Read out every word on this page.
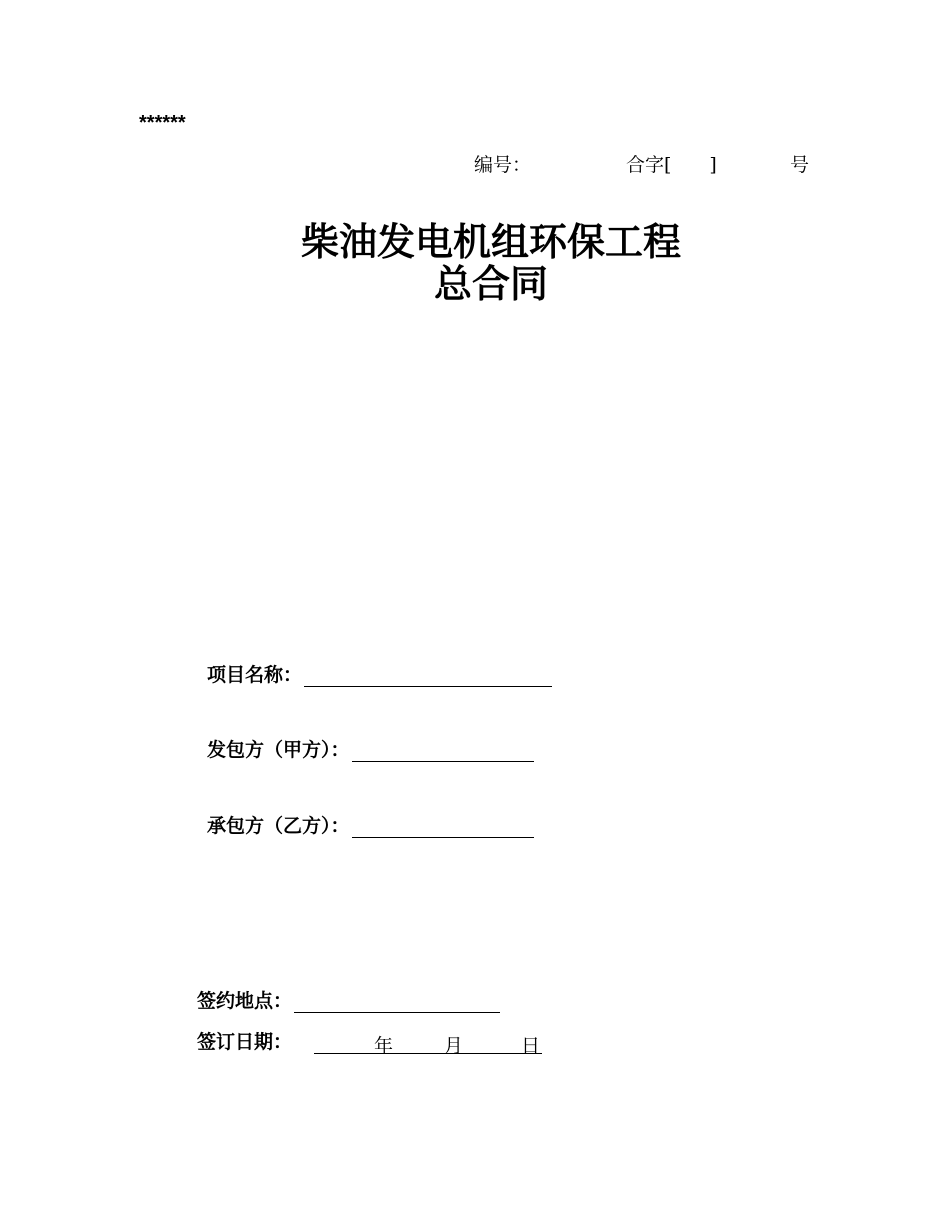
******
编号：	合字[　　]	号
柴油发电机组环保工程
总合同
项目名称：
发包方（甲方）：
承包方（乙方）：
签约地点：
签订日期：

	年

	月

	日
